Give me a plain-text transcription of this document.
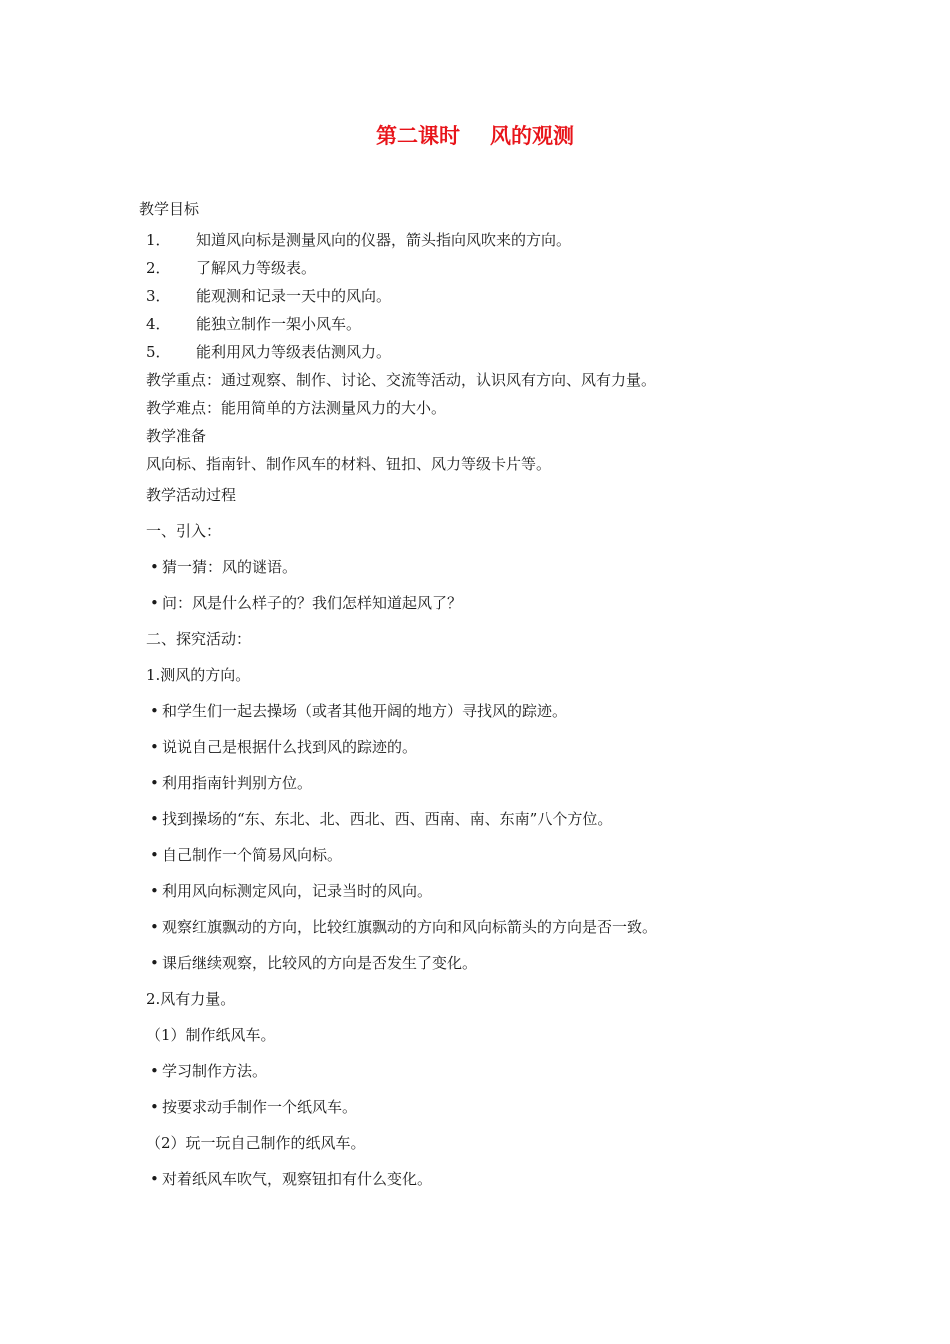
第二课时 风的观测
教学目标
1． 知道风向标是测量风向的仪器，箭头指向风吹来的方向。
2． 了解风力等级表。
3． 能观测和记录一天中的风向。
4． 能独立制作一架小风车。
5． 能利用风力等级表估测风力。
教学重点：通过观察、制作、讨论、交流等活动，认识风有方向、风有力量。
教学难点：能用简单的方法测量风力的大小。
教学准备
风向标、指南针、制作风车的材料、钮扣、风力等级卡片等。
教学活动过程
一、引入：
• 猜一猜：风的谜语。
• 问：风是什么样子的？我们怎样知道起风了？
二、探究活动：
1.测风的方向。
• 和学生们一起去操场（或者其他开阔的地方）寻找风的踪迹。
• 说说自己是根据什么找到风的踪迹的。
• 利用指南针判别方位。
• 找到操场的“东、东北、北、西北、西、西南、南、东南”八个方位。
• 自己制作一个简易风向标。
• 利用风向标测定风向，记录当时的风向。
• 观察红旗飘动的方向，比较红旗飘动的方向和风向标箭头的方向是否一致。
• 课后继续观察，比较风的方向是否发生了变化。
2.风有力量。
（1）制作纸风车。
• 学习制作方法。
• 按要求动手制作一个纸风车。
（2）玩一玩自己制作的纸风车。
• 对着纸风车吹气，观察钮扣有什么变化。
